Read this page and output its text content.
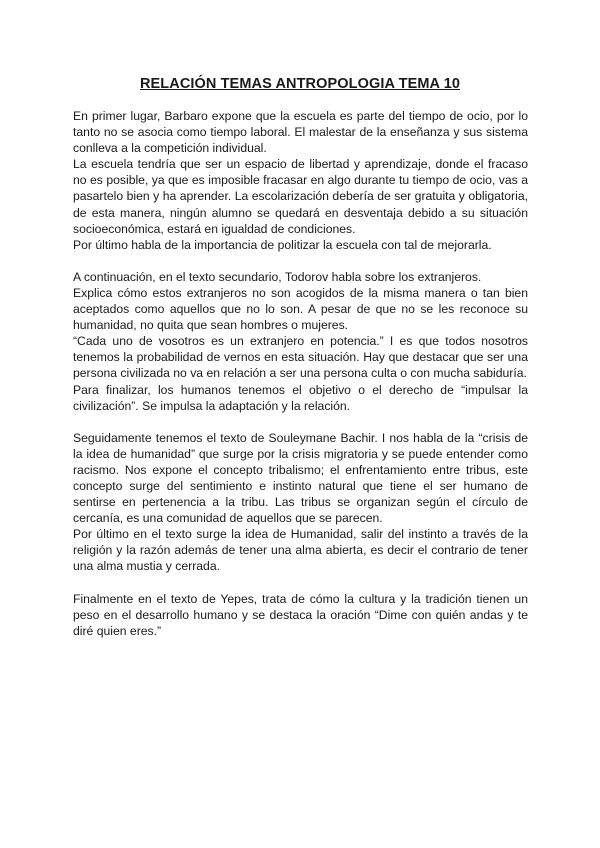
RELACIÓN TEMAS ANTROPOLOGIA TEMA 10

En primer lugar, Barbaro expone que la escuela es parte del tiempo de ocio, por lo tanto no se asocia como tiempo laboral. El malestar de la enseñanza y sus sistema conlleva a la competición individual.

La escuela tendría que ser un espacio de libertad y aprendizaje, donde el fracaso no es posible, ya que es imposible fracasar en algo durante tu tiempo de ocio, vas a pasartelo bien y ha aprender. La escolarización debería de ser gratuita y obligatoria, de esta manera, ningún alumno se quedará en desventaja debido a su situación socioeconómica, estará en igualdad de condiciones.

Por último habla de la importancia de politizar la escuela con tal de mejorarla.

A continuación, en el texto secundario, Todorov habla sobre los extranjeros.

Explica cómo estos extranjeros no son acogidos de la misma manera o tan bien aceptados como aquellos que no lo son. A pesar de que no se les reconoce su humanidad, no quita que sean hombres o mujeres.

“Cada uno de vosotros es un extranjero en potencia.” I es que todos nosotros tenemos la probabilidad de vernos en esta situación. Hay que destacar que ser una persona civilizada no va en relación a ser una persona culta o con mucha sabiduría.

Para finalizar, los humanos tenemos el objetivo o el derecho de “impulsar la civilización”. Se impulsa la adaptación y la relación.

Seguidamente tenemos el texto de Souleymane Bachir. I nos habla de la “crisis de la idea de humanidad” que surge por la crisis migratoria y se puede entender como racismo. Nos expone el concepto tribalismo; el enfrentamiento entre tribus, este concepto surge del sentimiento e instinto natural que tiene el ser humano de sentirse en pertenencia a la tribu. Las tribus se organizan según el círculo de cercanía, es una comunidad de aquellos que se parecen.

Por último en el texto surge la idea de Humanidad, salir del instinto a través de la religión y la razón además de tener una alma abierta, es decir el contrario de tener una alma mustia y cerrada.

Finalmente en el texto de Yepes, trata de cómo la cultura y la tradición tienen un peso en el desarrollo humano y se destaca la oración “Dime con quién andas y te diré quien eres.”
